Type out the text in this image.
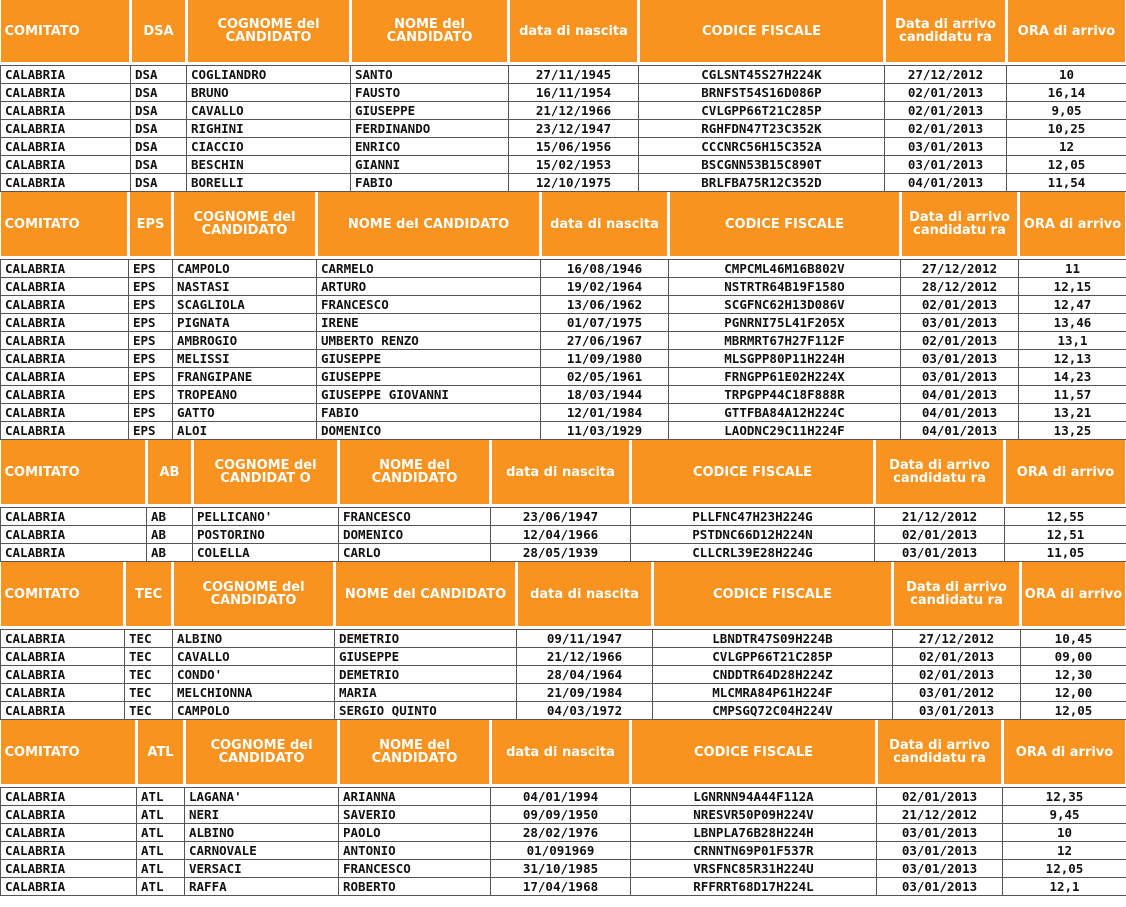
COMITATO	DSA	COGNOME del CANDIDATO	NOME del CANDIDATO	data di nascita	CODICE FISCALE	Data di arrivo candidatu ra	ORA di arrivo

CALABRIA	DSA	COGLIANDRO	SANTO	27/11/1945	CGLSNT45S27H224K	27/12/2012	10
CALABRIA	DSA	BRUNO	FAUSTO	16/11/1954	BRNFST54S16D086P	02/01/2013	16,14
CALABRIA	DSA	CAVALLO	GIUSEPPE	21/12/1966	CVLGPP66T21C285P	02/01/2013	9,05
CALABRIA	DSA	RIGHINI	FERDINANDO	23/12/1947	RGHFDN47T23C352K	02/01/2013	10,25
CALABRIA	DSA	CIACCIO	ENRICO	15/06/1956	CCCNRC56H15C352A	03/01/2013	12
CALABRIA	DSA	BESCHIN	GIANNI	15/02/1953	BSCGNN53B15C890T	03/01/2013	12,05
CALABRIA	DSA	BORELLI	FABIO	12/10/1975	BRLFBA75R12C352D	04/01/2013	11,54
COMITATO	EPS	COGNOME del CANDIDATO	NOME del CANDIDATO	data di nascita	CODICE FISCALE	Data di arrivo candidatu ra	ORA di arrivo

CALABRIA	EPS	CAMPOLO	CARMELO	16/08/1946	CMPCML46M16B802V	27/12/2012	11
CALABRIA	EPS	NASTASI	ARTURO	19/02/1964	NSTRTR64B19F158O	28/12/2012	12,15
CALABRIA	EPS	SCAGLIOLA	FRANCESCO	13/06/1962	SCGFNC62H13D086V	02/01/2013	12,47
CALABRIA	EPS	PIGNATA	IRENE	01/07/1975	PGNRNI75L41F205X	03/01/2013	13,46
CALABRIA	EPS	AMBROGIO	UMBERTO RENZO	27/06/1967	MBRMRT67H27F112F	02/01/2013	13,1
CALABRIA	EPS	MELISSI	GIUSEPPE	11/09/1980	MLSGPP80P11H224H	03/01/2013	12,13
CALABRIA	EPS	FRANGIPANE	GIUSEPPE	02/05/1961	FRNGPP61E02H224X	03/01/2013	14,23
CALABRIA	EPS	TROPEANO	GIUSEPPE GIOVANNI	18/03/1944	TRPGPP44C18F888R	04/01/2013	11,57
CALABRIA	EPS	GATTO	FABIO	12/01/1984	GTTFBA84A12H224C	04/01/2013	13,21
CALABRIA	EPS	ALOI	DOMENICO	11/03/1929	LAODNC29C11H224F	04/01/2013	13,25
COMITATO	AB	COGNOME del CANDIDAT O	NOME del CANDIDATO	data di nascita	CODICE FISCALE	Data di arrivo candidatu ra	ORA di arrivo

CALABRIA	AB	PELLICANO'	FRANCESCO	23/06/1947	PLLFNC47H23H224G	21/12/2012	12,55
CALABRIA	AB	POSTORINO	DOMENICO	12/04/1966	PSTDNC66D12H224N	02/01/2013	12,51
CALABRIA	AB	COLELLA	CARLO	28/05/1939	CLLCRL39E28H224G	03/01/2013	11,05
COMITATO	TEC	COGNOME del CANDIDATO	NOME del CANDIDATO	data di nascita	CODICE FISCALE	Data di arrivo candidatu ra	ORA di arrivo

CALABRIA	TEC	ALBINO	DEMETRIO	09/11/1947	LBNDTR47S09H224B	27/12/2012	10,45
CALABRIA	TEC	CAVALLO	GIUSEPPE	21/12/1966	CVLGPP66T21C285P	02/01/2013	09,00
CALABRIA	TEC	CONDO'	DEMETRIO	28/04/1964	CNDDTR64D28H224Z	02/01/2013	12,30
CALABRIA	TEC	MELCHIONNA	MARIA	21/09/1984	MLCMRA84P61H224F	03/01/2012	12,00
CALABRIA	TEC	CAMPOLO	SERGIO QUINTO	04/03/1972	CMPSGQ72C04H224V	03/01/2013	12,05
COMITATO	ATL	COGNOME del CANDIDATO	NOME del CANDIDATO	data di nascita	CODICE FISCALE	Data di arrivo candidatu ra	ORA di arrivo

CALABRIA	ATL	LAGANA'	ARIANNA	04/01/1994	LGNRNN94A44F112A	02/01/2013	12,35
CALABRIA	ATL	NERI	SAVERIO	09/09/1950	NRESVR50P09H224V	21/12/2012	9,45
CALABRIA	ATL	ALBINO	PAOLO	28/02/1976	LBNPLA76B28H224H	03/01/2013	10
CALABRIA	ATL	CARNOVALE	ANTONIO	01/091969	CRNNTN69P01F537R	03/01/2013	12
CALABRIA	ATL	VERSACI	FRANCESCO	31/10/1985	VRSFNC85R31H224U	03/01/2013	12,05
CALABRIA	ATL	RAFFA	ROBERTO	17/04/1968	RFFRRT68D17H224L	03/01/2013	12,1
